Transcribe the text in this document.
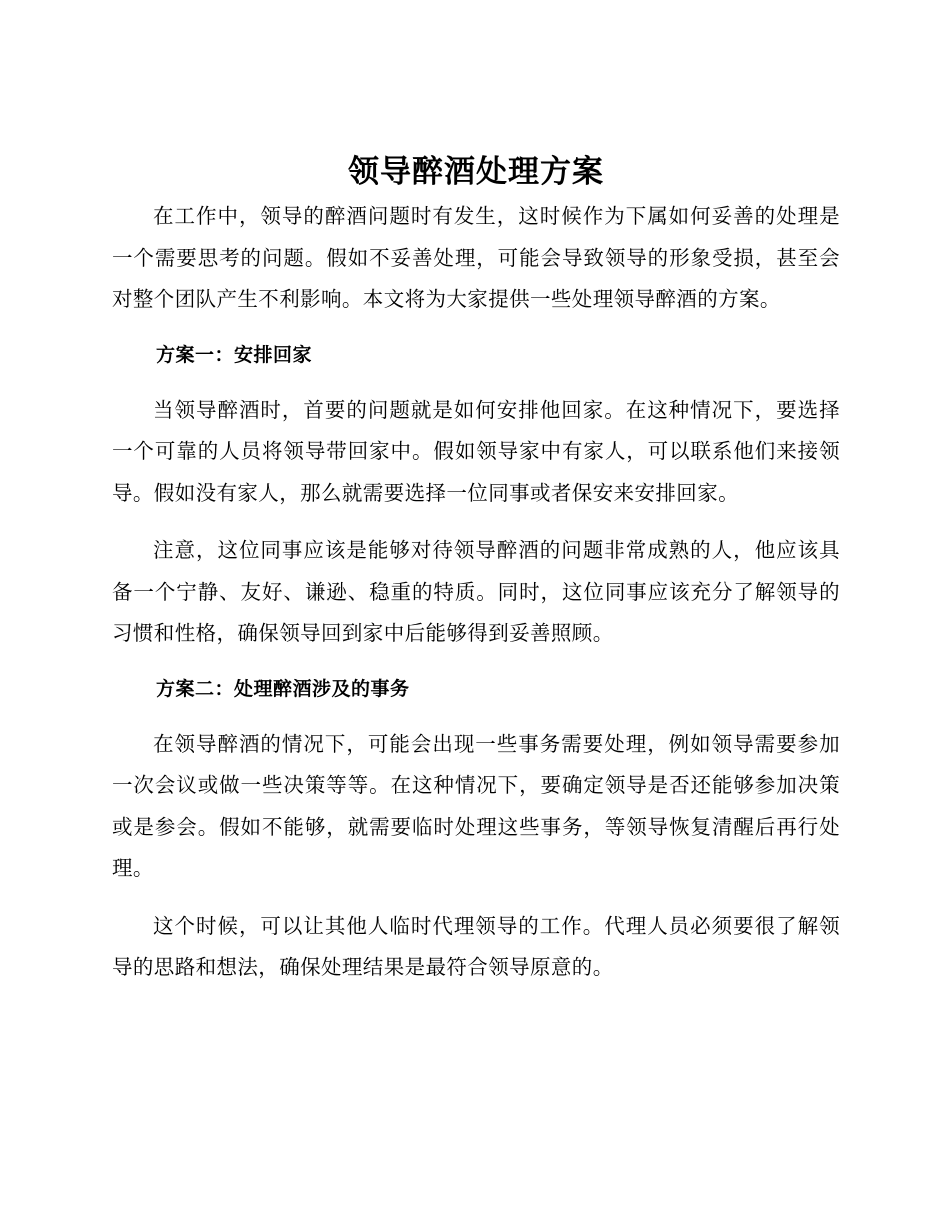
领导醉酒处理方案

在工作中，领导的醉酒问题时有发生，这时候作为下属如何妥善的处理是一个需要思考的问题。假如不妥善处理，可能会导致领导的形象受损，甚至会对整个团队产生不利影响。本文将为大家提供一些处理领导醉酒的方案。

方案一：安排回家

当领导醉酒时，首要的问题就是如何安排他回家。在这种情况下，要选择一个可靠的人员将领导带回家中。假如领导家中有家人，可以联系他们来接领导。假如没有家人，那么就需要选择一位同事或者保安来安排回家。

注意，这位同事应该是能够对待领导醉酒的问题非常成熟的人，他应该具备一个宁静、友好、谦逊、稳重的特质。同时，这位同事应该充分了解领导的习惯和性格，确保领导回到家中后能够得到妥善照顾。

方案二：处理醉酒涉及的事务

在领导醉酒的情况下，可能会出现一些事务需要处理，例如领导需要参加一次会议或做一些决策等等。在这种情况下，要确定领导是否还能够参加决策或是参会。假如不能够，就需要临时处理这些事务，等领导恢复清醒后再行处理。

这个时候，可以让其他人临时代理领导的工作。代理人员必须要很了解领导的思路和想法，确保处理结果是最符合领导原意的。
